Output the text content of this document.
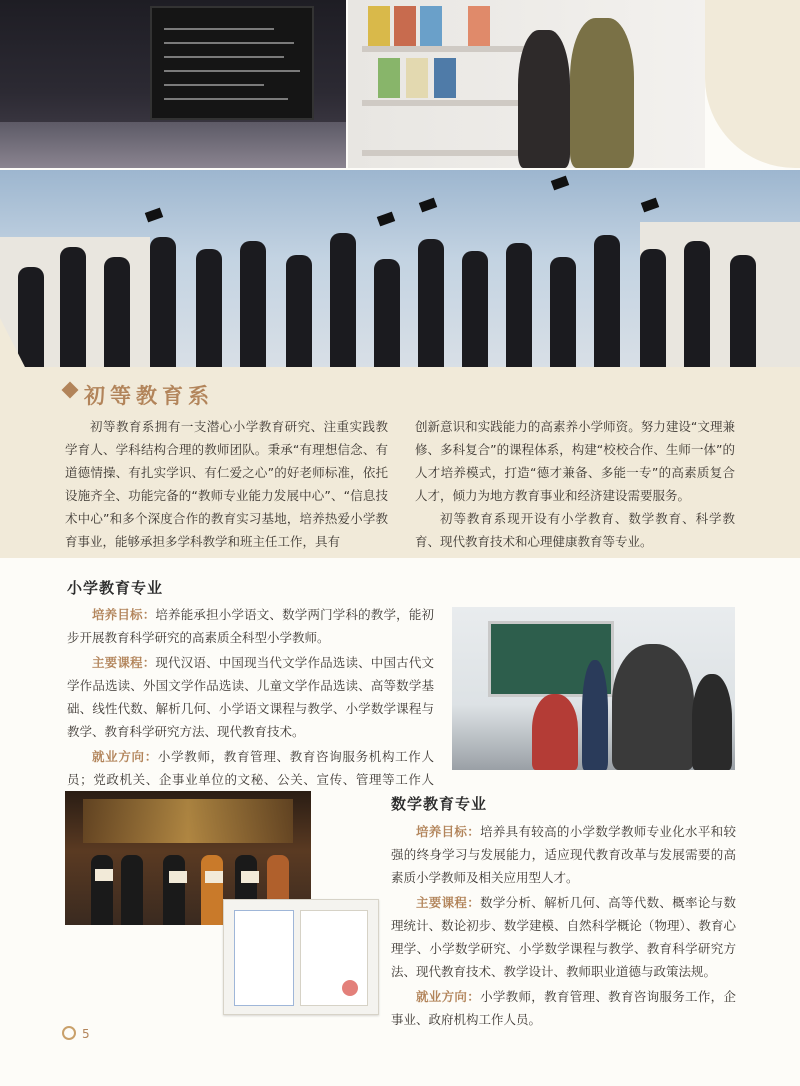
初等教育系

初等教育系拥有一支潜心小学教育研究、注重实践教学育人、学科结构合理的教师团队。秉承“有理想信念、有道德情操、有扎实学识、有仁爱之心”的好老师标准，依托设施齐全、功能完备的“教师专业能力发展中心”、“信息技术中心”和多个深度合作的教育实习基地，培养热爱小学教育事业，能够承担多学科教学和班主任工作，具有

创新意识和实践能力的高素养小学师资。努力建设“文理兼修、多科复合”的课程体系，构建“校校合作、生师一体”的人才培养模式，打造“德才兼备、多能一专”的高素质复合人才，倾力为地方教育事业和经济建设需要服务。

初等教育系现开设有小学教育、数学教育、科学教育、现代教育技术和心理健康教育等专业。

小学教育专业

培养目标：培养能承担小学语文、数学两门学科的教学，能初步开展教育科学研究的高素质全科型小学教师。

主要课程：现代汉语、中国现当代文学作品选读、中国古代文学作品选读、外国文学作品选读、儿童文学作品选读、高等数学基础、线性代数、解析几何、小学语文课程与教学、小学数学课程与教学、教育科学研究方法、现代教育技术。

就业方向：小学教师，教育管理、教育咨询服务机构工作人员；党政机关、企事业单位的文秘、公关、宣传、管理等工作人

数学教育专业

培养目标：培养具有较高的小学数学教师专业化水平和较强的终身学习与发展能力，适应现代教育改革与发展需要的高素质小学教师及相关应用型人才。

主要课程：数学分析、解析几何、高等代数、概率论与数理统计、数论初步、数学建模、自然科学概论（物理）、教育心理学、小学数学研究、小学数学课程与教学、教育科学研究方法、现代教育技术、教学设计、教师职业道德与政策法规。

就业方向：小学教师，教育管理、教育咨询服务工作，企事业、政府机构工作人员。

5
